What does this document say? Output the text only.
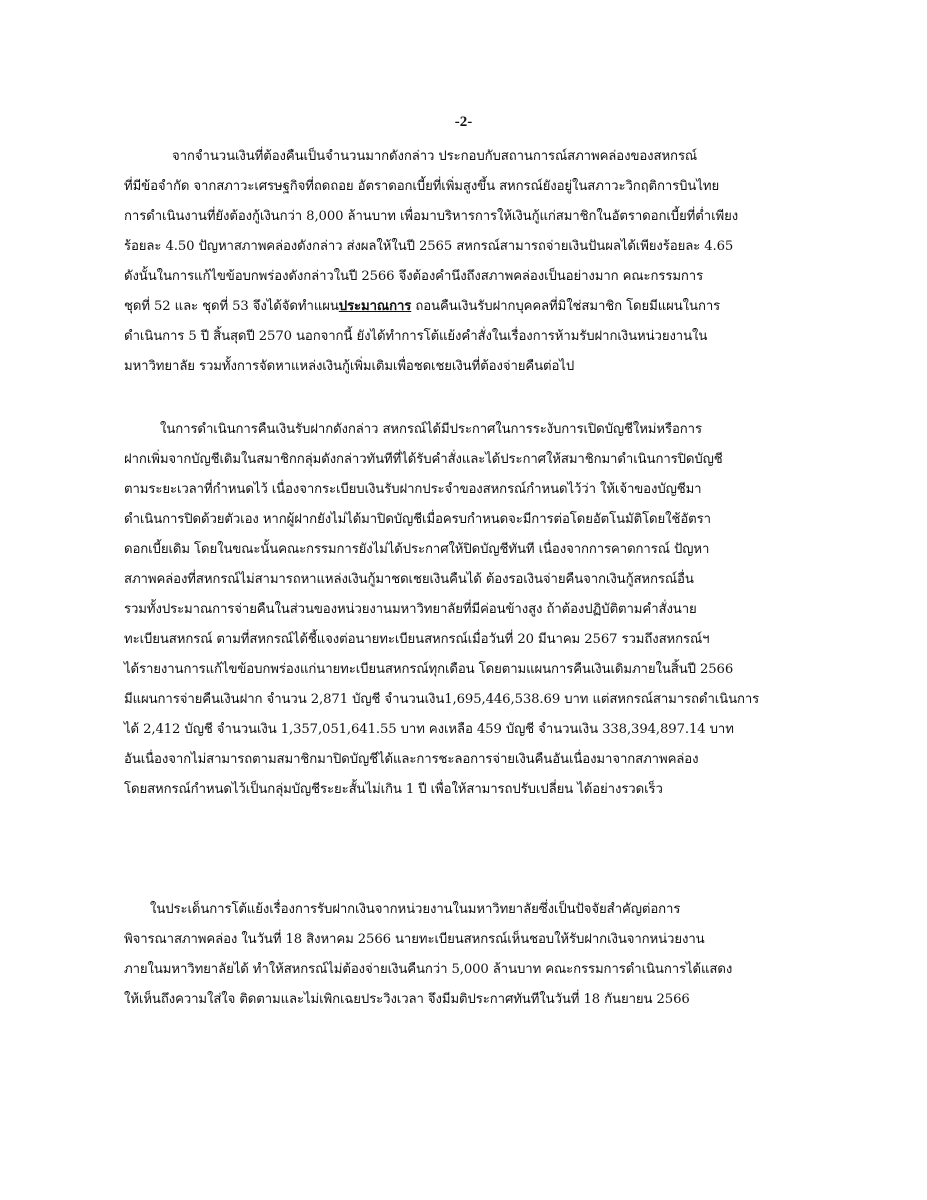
-2-
จากจำนวนเงินที่ต้องคืนเป็นจำนวนมากดังกล่าว ประกอบกับสถานการณ์สภาพคล่องของสหกรณ์
ที่มีข้อจำกัด จากสภาวะเศรษฐกิจที่ถดถอย อัตราดอกเบี้ยที่เพิ่มสูงขึ้น สหกรณ์ยังอยู่ในสภาวะวิกฤติการบินไทย
การดำเนินงานที่ยังต้องกู้เงินกว่า 8,000 ล้านบาท เพื่อมาบริหารการให้เงินกู้แก่สมาชิกในอัตราดอกเบี้ยที่ต่ำเพียง
ร้อยละ 4.50 ปัญหาสภาพคล่องดังกล่าว ส่งผลให้ในปี 2565 สหกรณ์สามารถจ่ายเงินปันผลได้เพียงร้อยละ 4.65
ดังนั้นในการแก้ไขข้อบกพร่องดังกล่าวในปี 2566 จึงต้องคำนึงถึงสภาพคล่องเป็นอย่างมาก คณะกรรมการ
ชุดที่ 52 และ ชุดที่ 53 จึงได้จัดทำแผนประมาณการ ถอนคืนเงินรับฝากบุคคลที่มิใช่สมาชิก โดยมีแผนในการ
ดำเนินการ 5 ปี สิ้นสุดปี 2570 นอกจากนี้ ยังได้ทำการโต้แย้งคำสั่งในเรื่องการห้ามรับฝากเงินหน่วยงานใน
มหาวิทยาลัย รวมทั้งการจัดหาแหล่งเงินกู้เพิ่มเติมเพื่อชดเชยเงินที่ต้องจ่ายคืนต่อไป
ในการดำเนินการคืนเงินรับฝากดังกล่าว สหกรณ์ได้มีประกาศในการระงับการเปิดบัญชีใหม่หรือการ
ฝากเพิ่มจากบัญชีเดิมในสมาชิกกลุ่มดังกล่าวทันทีที่ได้รับคำสั่งและได้ประกาศให้สมาชิกมาดำเนินการปิดบัญชี
ตามระยะเวลาที่กำหนดไว้ เนื่องจากระเบียบเงินรับฝากประจำของสหกรณ์กำหนดไว้ว่า ให้เจ้าของบัญชีมา
ดำเนินการปิดด้วยตัวเอง หากผู้ฝากยังไม่ได้มาปิดบัญชีเมื่อครบกำหนดจะมีการต่อโดยอัตโนมัติโดยใช้อัตรา
ดอกเบี้ยเดิม โดยในขณะนั้นคณะกรรมการยังไม่ได้ประกาศให้ปิดบัญชีทันที เนื่องจากการคาดการณ์ ปัญหา
สภาพคล่องที่สหกรณ์ไม่สามารถหาแหล่งเงินกู้มาชดเชยเงินคืนได้ ต้องรอเงินจ่ายคืนจากเงินกู้สหกรณ์อื่น
รวมทั้งประมาณการจ่ายคืนในส่วนของหน่วยงานมหาวิทยาลัยที่มีค่อนข้างสูง ถ้าต้องปฏิบัติตามคำสั่งนาย
ทะเบียนสหกรณ์ ตามที่สหกรณ์ได้ชี้แจงต่อนายทะเบียนสหกรณ์เมื่อวันที่ 20 มีนาคม 2567 รวมถึงสหกรณ์ฯ
ได้รายงานการแก้ไขข้อบกพร่องแก่นายทะเบียนสหกรณ์ทุกเดือน โดยตามแผนการคืนเงินเดิมภายในสิ้นปี 2566
มีแผนการจ่ายคืนเงินฝาก จำนวน 2,871 บัญชี จำนวนเงิน1,695,446,538.69 บาท แต่สหกรณ์สามารถดำเนินการ
ได้ 2,412 บัญชี จำนวนเงิน 1,357,051,641.55 บาท คงเหลือ 459 บัญชี จำนวนเงิน 338,394,897.14 บาท
อันเนื่องจากไม่สามารถตามสมาชิกมาปิดบัญชีได้และการชะลอการจ่ายเงินคืนอันเนื่องมาจากสภาพคล่อง
โดยสหกรณ์กำหนดไว้เป็นกลุ่มบัญชีระยะสั้นไม่เกิน 1 ปี เพื่อให้สามารถปรับเปลี่ยน ได้อย่างรวดเร็ว
ในประเด็นการโต้แย้งเรื่องการรับฝากเงินจากหน่วยงานในมหาวิทยาลัยซึ่งเป็นปัจจัยสำคัญต่อการ
พิจารณาสภาพคล่อง ในวันที่ 18 สิงหาคม 2566 นายทะเบียนสหกรณ์เห็นชอบให้รับฝากเงินจากหน่วยงาน
ภายในมหาวิทยาลัยได้ ทำให้สหกรณ์ไม่ต้องจ่ายเงินคืนกว่า 5,000 ล้านบาท คณะกรรมการดำเนินการได้แสดง
ให้เห็นถึงความใส่ใจ ติดตามและไม่เพิกเฉยประวิงเวลา จึงมีมติประกาศทันทีในวันที่ 18 กันยายน 2566
